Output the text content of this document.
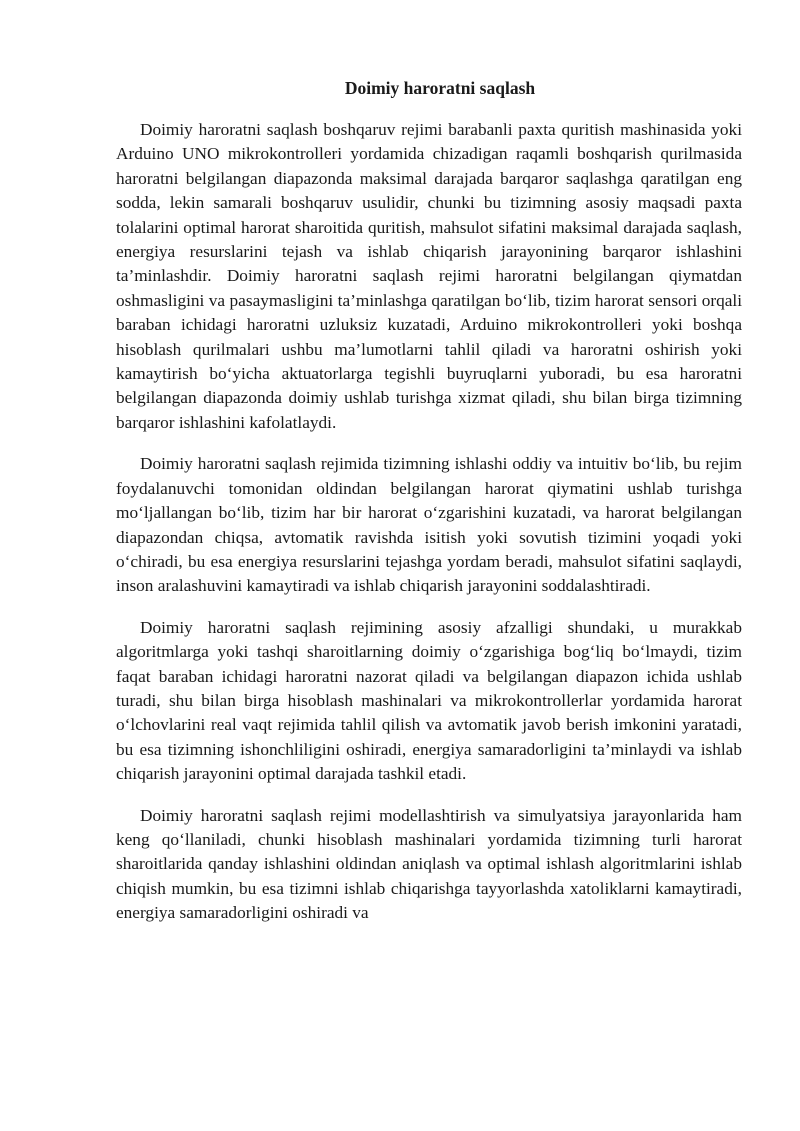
Doimiy haroratni saqlash

Doimiy haroratni saqlash boshqaruv rejimi barabanli paxta quritish mashinasida yoki Arduino UNO mikrokontrolleri yordamida chizadigan raqamli boshqarish qurilmasida haroratni belgilangan diapazonda maksimal darajada barqaror saqlashga qaratilgan eng sodda, lekin samarali boshqaruv usulidir, chunki bu tizimning asosiy maqsadi paxta tolalarini optimal harorat sharoitida quritish, mahsulot sifatini maksimal darajada saqlash, energiya resurslarini tejash va ishlab chiqarish jarayonining barqaror ishlashini ta’minlashdir. Doimiy haroratni saqlash rejimi haroratni belgilangan qiymatdan oshmasligini va pasaymasligini ta’minlashga qaratilgan bo‘lib, tizim harorat sensori orqali baraban ichidagi haroratni uzluksiz kuzatadi, Arduino mikrokontrolleri yoki boshqa hisoblash qurilmalari ushbu ma’lumotlarni tahlil qiladi va haroratni oshirish yoki kamaytirish bo‘yicha aktuatorlarga tegishli buyruqlarni yuboradi, bu esa haroratni belgilangan diapazonda doimiy ushlab turishga xizmat qiladi, shu bilan birga tizimning barqaror ishlashini kafolatlaydi.

Doimiy haroratni saqlash rejimida tizimning ishlashi oddiy va intuitiv bo‘lib, bu rejim foydalanuvchi tomonidan oldindan belgilangan harorat qiymatini ushlab turishga mo‘ljallangan bo‘lib, tizim har bir harorat o‘zgarishini kuzatadi, va harorat belgilangan diapazondan chiqsa, avtomatik ravishda isitish yoki sovutish tizimini yoqadi yoki o‘chiradi, bu esa energiya resurslarini tejashga yordam beradi, mahsulot sifatini saqlaydi, inson aralashuvini kamaytiradi va ishlab chiqarish jarayonini soddalashtiradi.

Doimiy haroratni saqlash rejimining asosiy afzalligi shundaki, u murakkab algoritmlarga yoki tashqi sharoitlarning doimiy o‘zgarishiga bog‘liq bo‘lmaydi, tizim faqat baraban ichidagi haroratni nazorat qiladi va belgilangan diapazon ichida ushlab turadi, shu bilan birga hisoblash mashinalari va mikrokontrollerlar yordamida harorat o‘lchovlarini real vaqt rejimida tahlil qilish va avtomatik javob berish imkonini yaratadi, bu esa tizimning ishonchliligini oshiradi, energiya samaradorligini ta’minlaydi va ishlab chiqarish jarayonini optimal darajada tashkil etadi.

Doimiy haroratni saqlash rejimi modellashtirish va simulyatsiya jarayonlarida ham keng qo‘llaniladi, chunki hisoblash mashinalari yordamida tizimning turli harorat sharoitlarida qanday ishlashini oldindan aniqlash va optimal ishlash algoritmlarini ishlab chiqish mumkin, bu esa tizimni ishlab chiqarishga tayyorlashda xatoliklarni kamaytiradi, energiya samaradorligini oshiradi va
